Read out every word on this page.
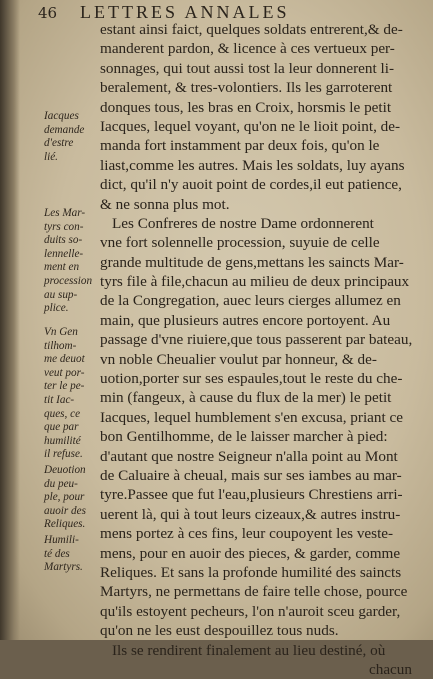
46 LETTRES ANNALES
Iacques
demande
d'estre
lié.
Les Mar-
tyrs con-
duits so-
lennelle-
ment en
procession
au sup-
plice.
Vn Gen
tilhom-
me deuot
veut por-
ter le pe-
tit Iac-
ques, ce
que par
humilité
il refuse.
Deuotion
du peu-
ple, pour
auoir des
Reliques.
Humili-
té des
Martyrs.
estant ainsi faict, quelques soldats entrerent,& de-
manderent pardon, & licence à ces vertueux per-
sonnages, qui tout aussi tost la leur donnerent li-
beralement, & tres-volontiers. Ils les garroterent
donques tous, les bras en Croix, horsmis le petit
Iacques, lequel voyant, qu'on ne le lioit point, de-
manda fort instamment par deux fois, qu'on le
liast,comme les autres. Mais les soldats, luy ayans
dict, qu'il n'y auoit point de cordes,il eut patience,
& ne sonna plus mot.
Les Confreres de nostre Dame ordonnerent
vne fort solennelle procession, suyuie de celle
grande multitude de gens,mettans les saincts Mar-
tyrs file à file,chacun au milieu de deux principaux
de la Congregation, auec leurs cierges allumez en
main, que plusieurs autres encore portoyent. Au
passage d'vne riuiere,que tous passerent par bateau,
vn noble Cheualier voulut par honneur, & de-
uotion,porter sur ses espaules,tout le reste du che-
min (fangeux, à cause du flux de la mer) le petit
Iacques, lequel humblement s'en excusa, priant ce
bon Gentilhomme, de le laisser marcher à pied:
d'autant que nostre Seigneur n'alla point au Mont
de Caluaire à cheual, mais sur ses iambes au mar-
tyre.Passee que fut l'eau,plusieurs Chrestiens arri-
uerent là, qui à tout leurs cizeaux,& autres instru-
mens portez à ces fins, leur coupoyent les veste-
mens, pour en auoir des pieces, & garder, comme
Reliques. Et sans la profonde humilité des saincts
Martyrs, ne permettans de faire telle chose, pource
qu'ils estoyent pecheurs, l'on n'auroit sceu garder,
qu'on ne les eust despouillez tous nuds.
Ils se rendirent finalement au lieu destiné, où
chacun
